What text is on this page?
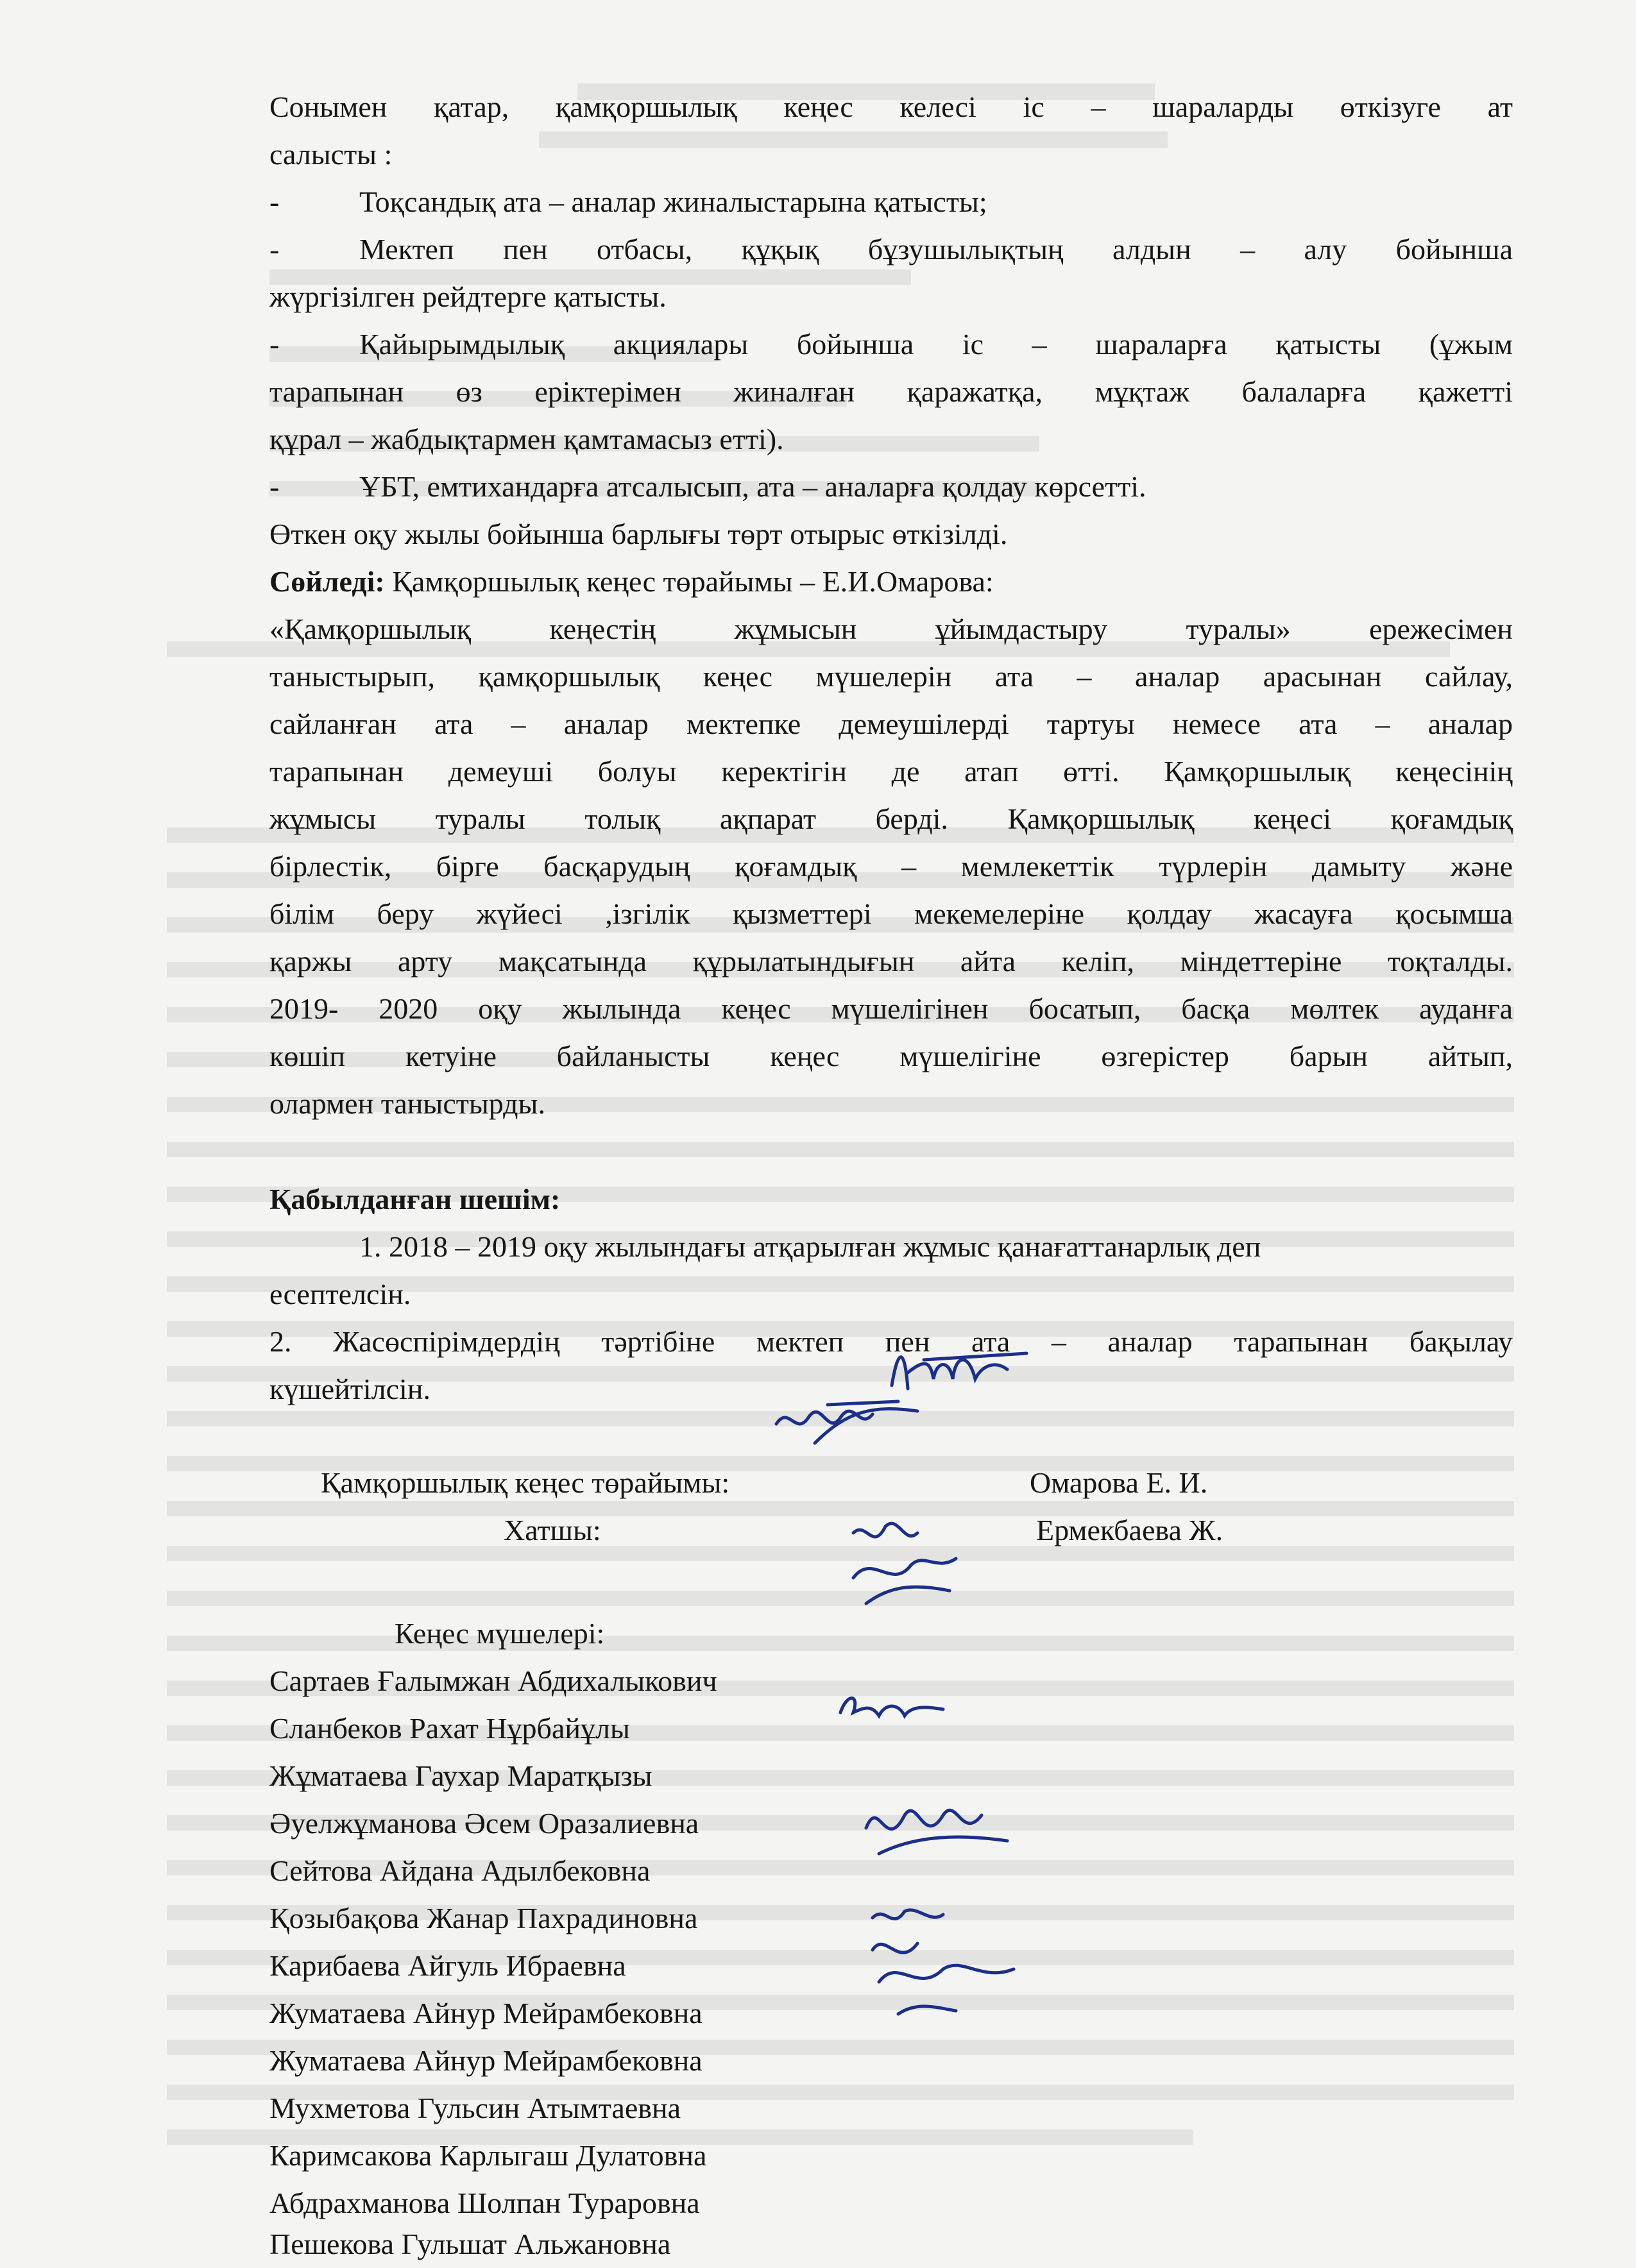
Сонымен қатар, қамқоршылық кеңес келесі іс – шараларды өткізуге ат
салысты :
-	Тоқсандық ата – аналар жиналыстарына қатысты;
-	Мектеп пен отбасы, құқық бұзушылықтың алдын – алу бойынша
жүргізілген рейдтерге қатысты.
-	Қайырымдылық акциялары бойынша іс – шараларға қатысты (ұжым
тарапынан өз еріктерімен жиналған қаражатқа, мұқтаж балаларға қажетті
құрал – жабдықтармен қамтамасыз етті).
-	ҰБТ, емтихандарға атсалысып, ата – аналарға қолдау көрсетті.
Өткен оқу жылы бойынша барлығы төрт отырыс өткізілді.
Сөйледі: Қамқоршылық кеңес төрайымы – Е.И.Омарова:
«Қамқоршылық кеңестің жұмысын ұйымдастыру туралы» ережесімен
таныстырып, қамқоршылық кеңес мүшелерін ата – аналар арасынан сайлау,
сайланған ата – аналар мектепке демеушілерді тартуы немесе ата – аналар
тарапынан демеуші болуы керектігін де атап өтті. Қамқоршылық кеңесінің
жұмысы туралы толық ақпарат берді. Қамқоршылық кеңесі қоғамдық
бірлестік, бірге басқарудың қоғамдық – мемлекеттік түрлерін дамыту және
білім беру жүйесі ,ізгілік қызметтері мекемелеріне қолдау жасауға қосымша
қаржы арту мақсатында құрылатындығын айта келіп, міндеттеріне тоқталды.
2019- 2020 оқу жылында кеңес мүшелігінен босатып, басқа мөлтек ауданға
көшіп кетуіне байланысты кеңес мүшелігіне өзгерістер барын айтып,
олармен таныстырды.
Қабылданған шешім:
1. 2018 – 2019 оқу жылындағы атқарылған жұмыс қанағаттанарлық деп
есептелсін.
2. Жасөспірімдердің тәртібіне мектеп пен ата – аналар тарапынан бақылау
күшейтілсін.
Қамқоршылық кеңес төрайымы:	Омарова Е. И.
Хатшы:	Ермекбаева Ж.
Кеңес мүшелері:
Сартаев Ғалымжан Абдихалыкович
Сланбеков Рахат Нұрбайұлы
Жұматаева Гаухар Маратқызы
Әуелжұманова Әсем Оразалиевна
Сейтова Айдана Адылбековна
Қозыбақова Жанар Пахрадиновна
Карибаева Айгуль Ибраевна
Жуматаева Айнур Мейрамбековна
Жуматаева Айнур Мейрамбековна
Мухметова Гульсин Атымтаевна
Каримсакова Карлыгаш Дулатовна
Абдрахманова Шолпан Тураровна
Пешекова Гульшат Альжановна
